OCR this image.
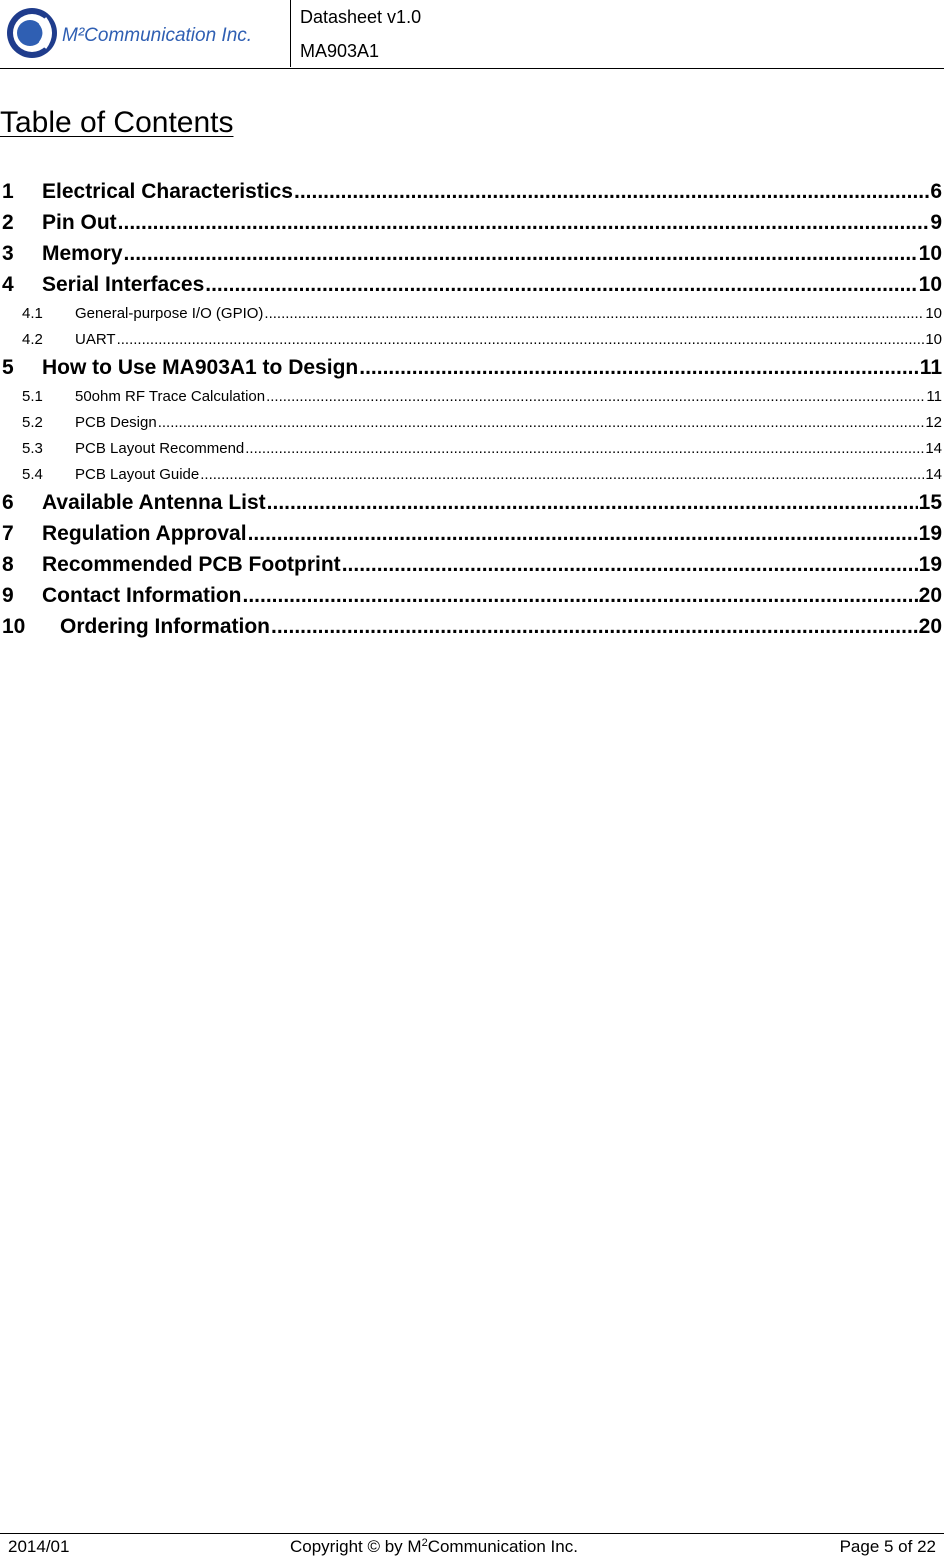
M²Communication Inc.
Datasheet v1.0
MA903A1
Table of Contents
1	Electrical Characteristics .....	6
2	Pin Out .....	9
3	Memory .....	10
4	Serial Interfaces .....	10
4.1	General-purpose I/O (GPIO) .....	10
4.2	UART .....	10
5	How to Use MA903A1 to Design .....	11
5.1	50ohm RF Trace Calculation .....	11
5.2	PCB Design .....	12
5.3	PCB Layout Recommend .....	14
5.4	PCB Layout Guide .....	14
6	Available Antenna List .....	15
7	Regulation Approval .....	19
8	Recommended PCB Footprint .....	19
9	Contact Information .....	20
10	Ordering Information .....	20
2014/01	Copyright © by $M^2Communication$ Inc.	Page 5 of 22
